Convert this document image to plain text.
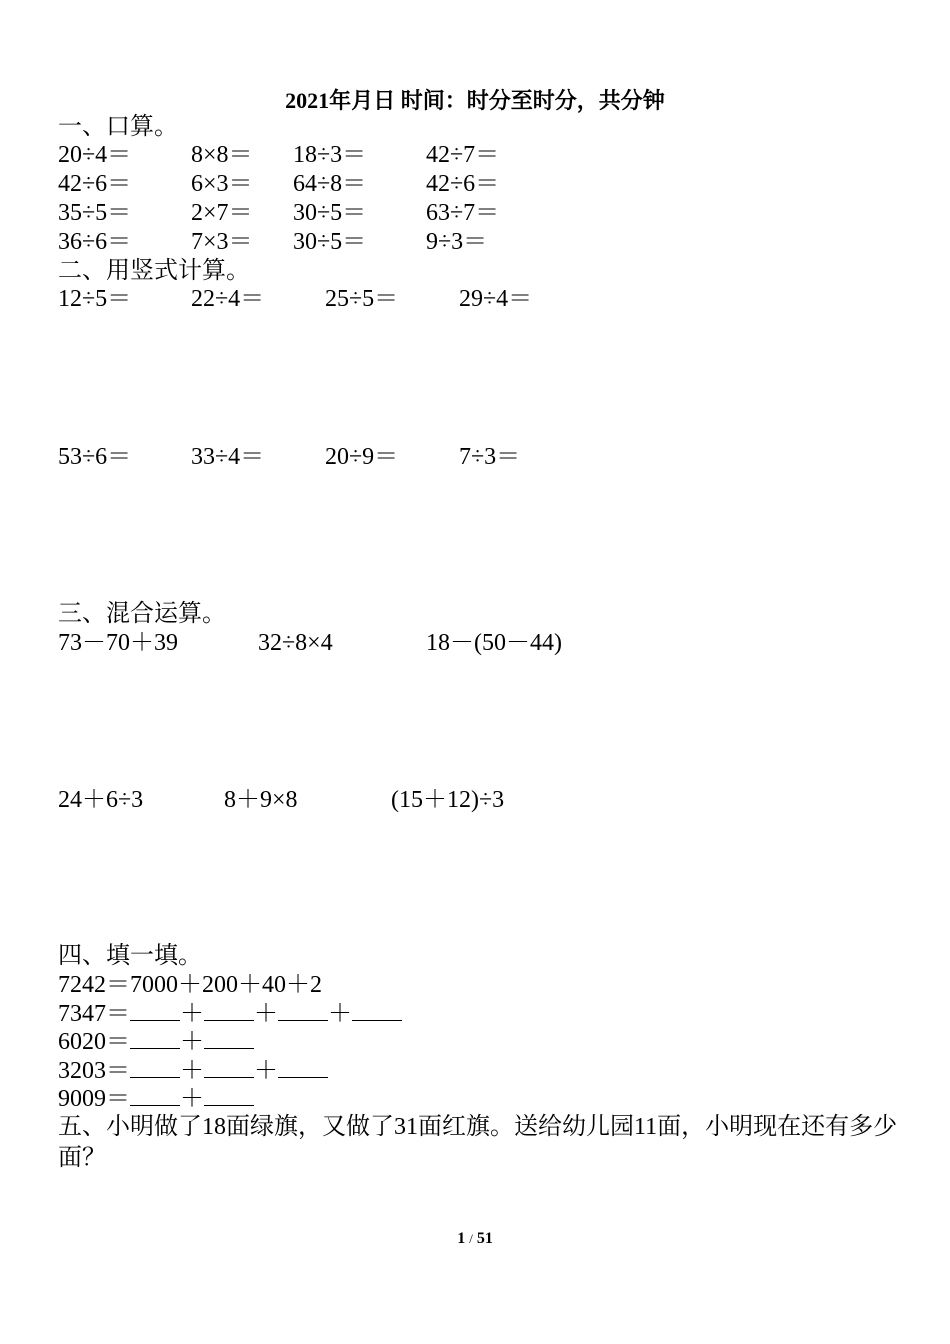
2021年月日 时间：时分至时分，共分钟
一、口算。
20÷4＝ 8×8＝ 18÷3＝ 42÷7＝
42÷6＝ 6×3＝ 64÷8＝ 42÷6＝
35÷5＝ 2×7＝ 30÷5＝ 63÷7＝
36÷6＝ 7×3＝ 30÷5＝ 9÷3＝
二、用竖式计算。
12÷5＝ 22÷4＝	25÷5＝	29÷4＝
53÷6＝ 33÷4＝	20÷9＝	7÷3＝
三、混合运算。
73－70＋39	32÷8×4	18－(50－44)
24＋6÷3	8＋9×8	(15＋12)÷3
四、填一填。
7242＝7000＋200＋40＋2
7347＝ ＋ ＋ ＋
6020＝ ＋
3203＝ ＋ ＋
9009＝ ＋
五、小明做了18面绿旗，又做了31面红旗。送给幼儿园11面，小明现在还有多少面？
1 / 51
